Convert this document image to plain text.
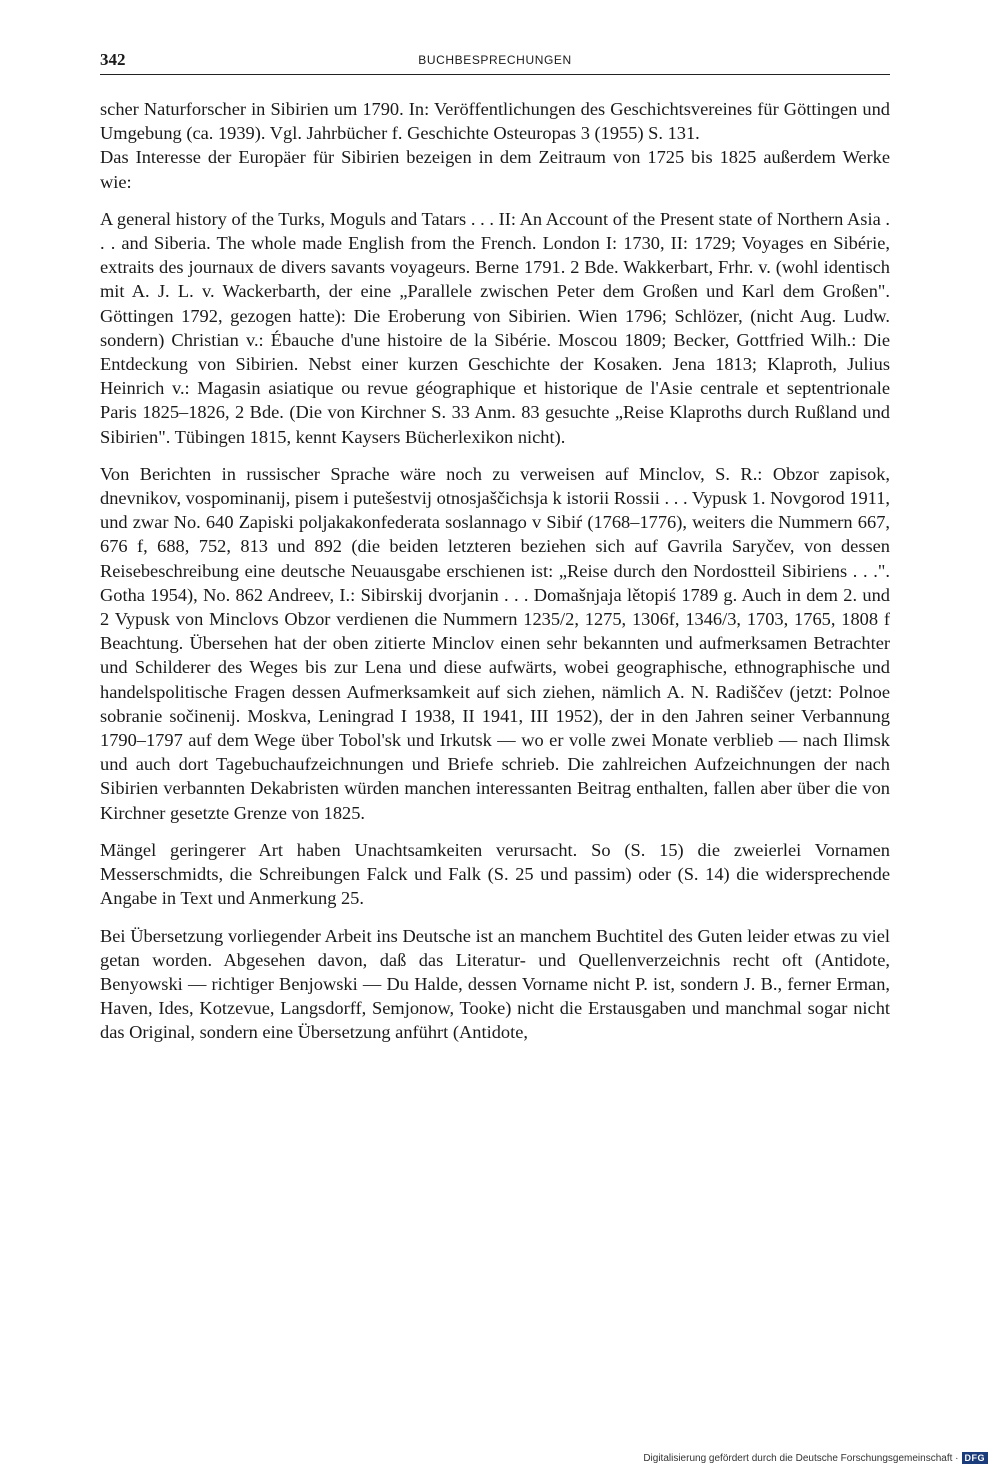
342	BUCHBESPRECHUNGEN

scher Naturforscher in Sibirien um 1790. In: Veröffentlichungen des Geschichtsvereines für Göttingen und Umgebung (ca. 1939). Vgl. Jahrbücher f. Geschichte Osteuropas 3 (1955) S. 131.

Das Interesse der Europäer für Sibirien bezeigen in dem Zeitraum von 1725 bis 1825 außerdem Werke wie:

A general history of the Turks, Moguls and Tatars . . . II: An Account of the Present state of Northern Asia . . . and Siberia. The whole made English from the French. London I: 1730, II: 1729; Voyages en Sibérie, extraits des journaux de divers savants voyageurs. Berne 1791. 2 Bde. Wakkerbart, Frhr. v. (wohl identisch mit A. J. L. v. Wackerbarth, der eine „Parallele zwischen Peter dem Großen und Karl dem Großen". Göttingen 1792, gezogen hatte): Die Eroberung von Sibirien. Wien 1796; Schlözer, (nicht Aug. Ludw. sondern) Christian v.: Ébauche d'une histoire de la Sibérie. Moscou 1809; Becker, Gottfried Wilh.: Die Entdeckung von Sibirien. Nebst einer kurzen Geschichte der Kosaken. Jena 1813; Klaproth, Julius Heinrich v.: Magasin asiatique ou revue géographique et historique de l'Asie centrale et septentrionale Paris 1825–1826, 2 Bde. (Die von Kirchner S. 33 Anm. 83 gesuchte „Reise Klaproths durch Rußland und Sibirien". Tübingen 1815, kennt Kaysers Bücherlexikon nicht).

Von Berichten in russischer Sprache wäre noch zu verweisen auf Minclov, S. R.: Obzor zapisok, dnevnikov, vospominanij, pisem i putešestvij otnosjaščichsja k istorii Rossii . . . Vypusk 1. Novgorod 1911, und zwar No. 640 Zapiski poljakakonfederata soslannago v Sibiŕ (1768–1776), weiters die Nummern 667, 676 f, 688, 752, 813 und 892 (die beiden letzteren beziehen sich auf Gavrila Saryčev, von dessen Reisebeschreibung eine deutsche Neuausgabe erschienen ist: „Reise durch den Nordostteil Sibiriens . . .". Gotha 1954), No. 862 Andreev, I.: Sibirskij dvorjanin . . . Domašnjaja lětopiś 1789 g. Auch in dem 2. und 2 Vypusk von Minclovs Obzor verdienen die Nummern 1235/2, 1275, 1306f, 1346/3, 1703, 1765, 1808 f Beachtung. Übersehen hat der oben zitierte Minclov einen sehr bekannten und aufmerksamen Betrachter und Schilderer des Weges bis zur Lena und diese aufwärts, wobei geographische, ethnographische und handelspolitische Fragen dessen Aufmerksamkeit auf sich ziehen, nämlich A. N. Radiščev (jetzt: Polnoe sobranie sočinenij. Moskva, Leningrad I 1938, II 1941, III 1952), der in den Jahren seiner Verbannung 1790–1797 auf dem Wege über Tobol'sk und Irkutsk — wo er volle zwei Monate verblieb — nach Ilimsk und auch dort Tagebuchaufzeichnungen und Briefe schrieb. Die zahlreichen Aufzeichnungen der nach Sibirien verbannten Dekabristen würden manchen interessanten Beitrag enthalten, fallen aber über die von Kirchner gesetzte Grenze von 1825.

Mängel geringerer Art haben Unachtsamkeiten verursacht. So (S. 15) die zweierlei Vornamen Messerschmidts, die Schreibungen Falck und Falk (S. 25 und passim) oder (S. 14) die widersprechende Angabe in Text und Anmerkung 25.

Bei Übersetzung vorliegender Arbeit ins Deutsche ist an manchem Buchtitel des Guten leider etwas zu viel getan worden. Abgesehen davon, daß das Literatur- und Quellenverzeichnis recht oft (Antidote, Benyowski — richtiger Benjowski — Du Halde, dessen Vorname nicht P. ist, sondern J. B., ferner Erman, Haven, Ides, Kotzevue, Langsdorff, Semjonow, Tooke) nicht die Erstausgaben und manchmal sogar nicht das Original, sondern eine Übersetzung anführt (Antidote,

Digitalisierung gefördert durch die Deutsche Forschungsgemeinschaft · DFG
